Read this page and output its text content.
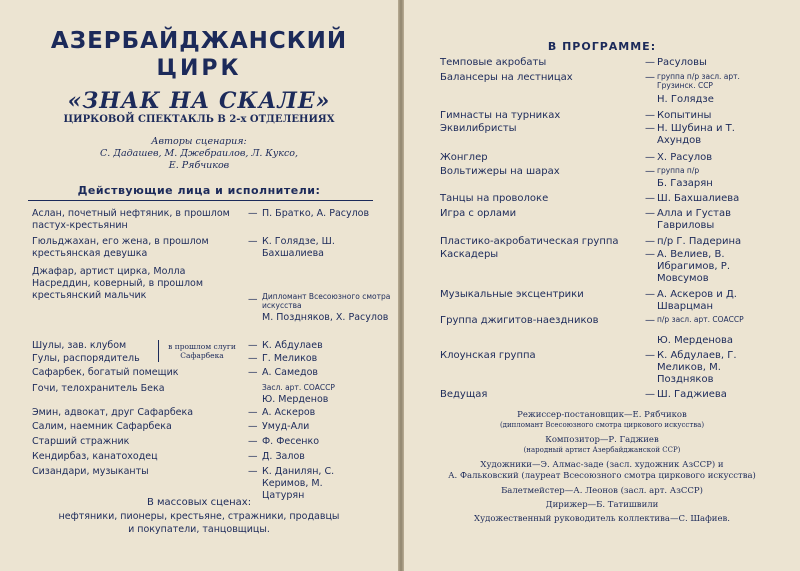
АЗЕРБАЙДЖАНСКИЙ
ЦИРК
«ЗНАК НА СКАЛЕ»
ЦИРКОВОЙ СПЕКТАКЛЬ В 2-х ОТДЕЛЕНИЯХ
Авторы сценария:
С. Дадашев, М. Джебраилов, Л. Куксо,
Е. Рябчиков
Действующие лица и исполнители:
Аслан, почетный нефтяник, в прошлом пастух-крестьянин
— П. Братко, А. Расулов
Гюльджахан, его жена, в прошлом крестьянская девушка
— К. Голядзе, Ш. Бахшалиева
Джафар, артист цирка, Молла Насреддин, коверный, в прошлом крестьянский мальчик	— Дипломант Всесоюзного смотра искусства
М. Поздняков, Х. Расулов
в прошлом слуги Сафарбека
Шулы, зав. клубом	— К. Абдулаев
Гулы, распорядитель	— Г. Меликов
Сафарбек, богатый помещик	— А. Самедов
Гочи, телохранитель Бека	Засл. арт. СОАССР
Ю. Мерденов
Эмин, адвокат, друг Сафарбека	— А. Аскеров
Салим, наемник Сафарбека	— Умуд-Али
Старший стражник	— Ф. Фесенко
Кендирбаз, канатоходец	— Д. Залов
Сизандари, музыканты	— К. Данилян, С. Керимов, М. Цатурян
В массовых сценах:
нефтяники, пионеры, крестьяне, стражники, продавцы
и покупатели, танцовщицы.
В ПРОГРАММЕ:
Темповые акробаты	— Расуловы
Балансеры на лестницах	— группа п/р засл. арт. Грузинск. ССР
Н. Голядзе
Гимнасты на турниках	— Копытины
Эквилибристы	— Н. Шубина и Т. Ахундов
Жонглер	— Х. Расулов
Вольтижеры на шарах	— группа п/р
Б. Газарян
Танцы на проволоке	— Ш. Бахшалиева
Игра с орлами	— Алла и Густав Гавриловы
Пластико-акробатическая группа	— п/р Г. Падерина
Каскадеры	— А. Велиев, В. Ибрагимов, Р. Мовсумов
Музыкальные эксцентрики	— А. Аскеров и Д. Шварцман
Группа джигитов-наездников	— п/р засл. арт. СОАССР
Ю. Мерденова
Клоунская группа	— К. Абдулаев, Г. Меликов, М. Поздняков
Ведущая	— Ш. Гаджиева
Режиссер-постановщик—Е. Рябчиков
(дипломант Всесоюзного смотра циркового искусства)
Композитор—Р. Гаджиев
(народный артист Азербайджанской ССР)
Художники—Э. Алмас-заде (засл. художник АзССР) и
А. Фальковский (лауреат Всесоюзного смотра циркового искусства)
Балетмейстер—А. Леонов (засл. арт. АзССР)
Дирижер—Б. Татишвили
Художественный руководитель коллектива—С. Шафиев.
